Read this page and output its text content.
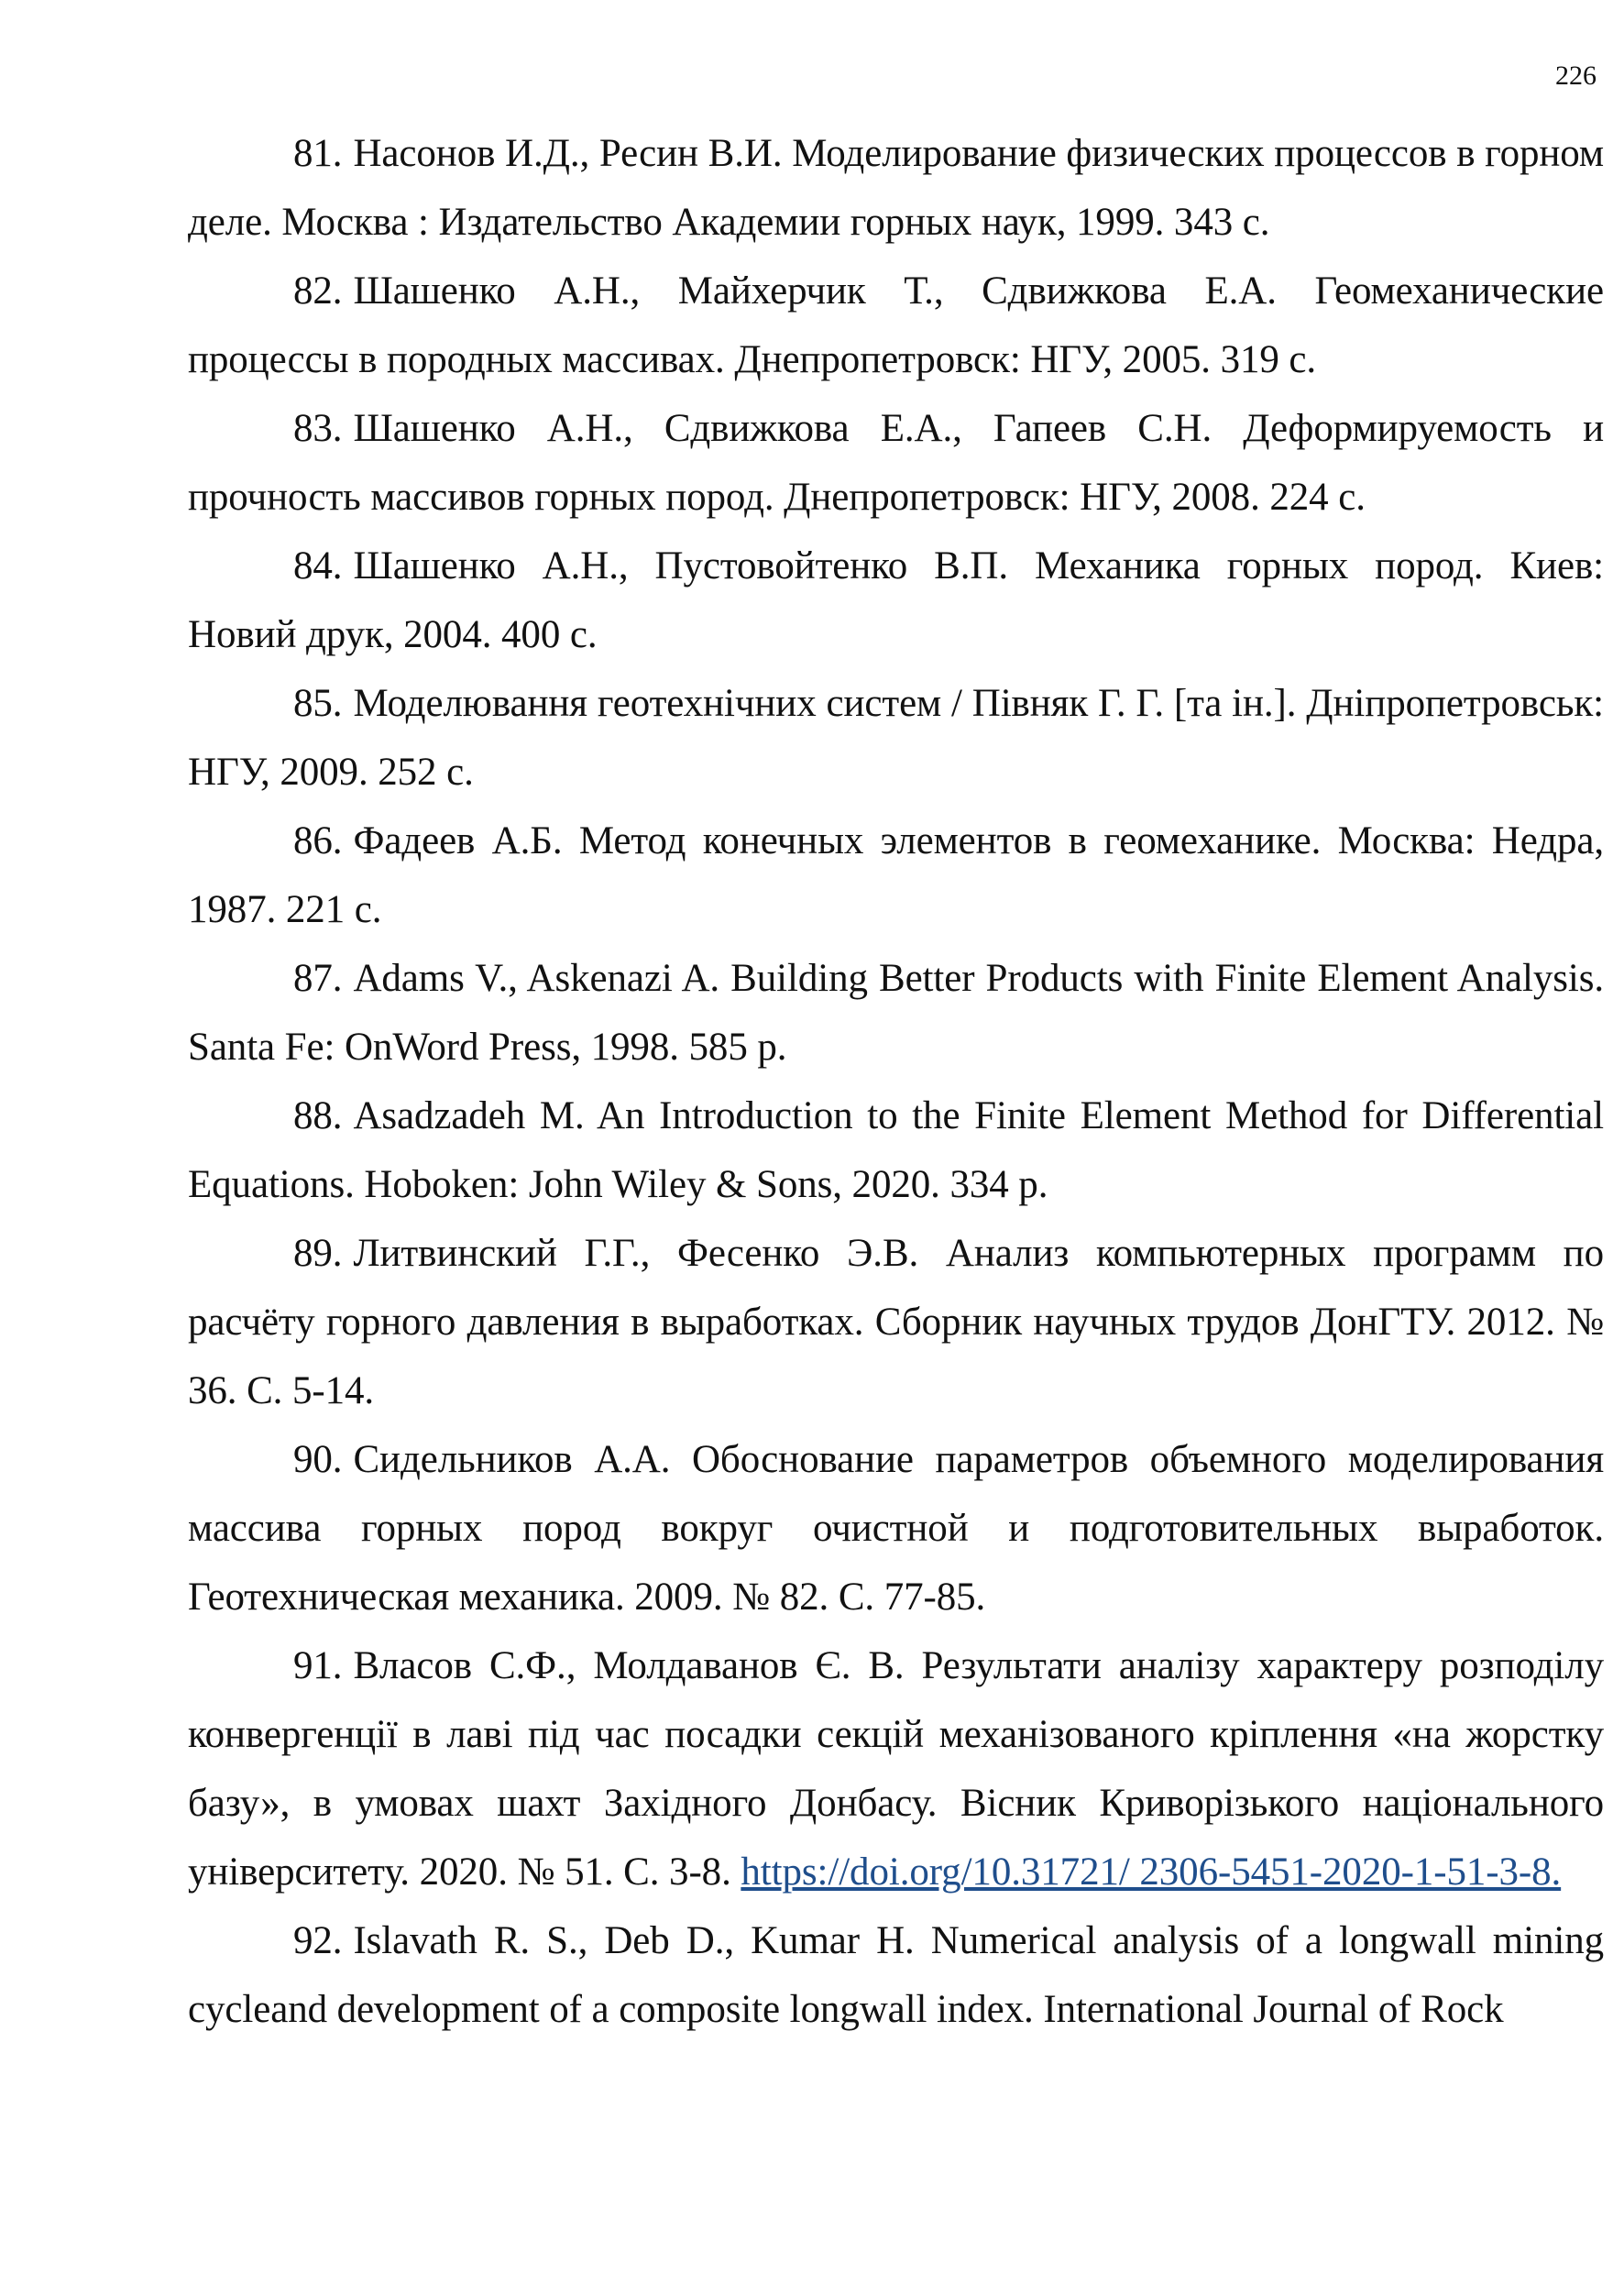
226

81. Насонов И.Д., Ресин В.И. Моделирование физических процессов в горном деле. Москва : Издательство Академии горных наук, 1999. 343 с.

82. Шашенко А.Н., Майхерчик Т., Сдвижкова Е.А. Геомеханические процессы в породных массивах. Днепропетровск: НГУ, 2005. 319 с.

83. Шашенко А.Н., Сдвижкова Е.А., Гапеев С.Н. Деформируемость и прочность массивов горных пород. Днепропетровск: НГУ, 2008. 224 с.

84. Шашенко А.Н., Пустовойтенко В.П. Механика горных пород. Киев: Новий друк, 2004. 400 с.

85. Моделювання геотехнічних систем / Півняк Г. Г. [та ін.]. Дніпропетровськ: НГУ, 2009. 252 с.

86. Фадеев А.Б. Метод конечных элементов в геомеханике. Москва: Недра, 1987. 221 с.

87. Adams V., Askenazi A. Building Better Products with Finite Element Analysis. Santa Fe: OnWord Press, 1998. 585 p.

88. Asadzadeh M. An Introduction to the Finite Element Method for Differential Equations. Hoboken: John Wiley & Sons, 2020. 334 p.

89. Литвинский Г.Г., Фесенко Э.В. Анализ компьютерных программ по расчёту горного давления в выработках. Сборник научных трудов ДонГТУ. 2012. № 36. С. 5-14.

90. Сидельников А.А. Обоснование параметров объемного моделирования массива горных пород вокруг очистной и подготовительных выработок. Геотехническая механика. 2009. № 82. С. 77-85.

91. Власов С.Ф., Молдаванов Є. В. Результати аналізу характеру розподілу конвергенції в лаві під час посадки секцій механізованого кріплення «на жорстку базу», в умовах шахт Західного Донбасу. Вісник Криворізького національного університету. 2020. № 51. С. 3-8. https://doi.org/10.31721/ 2306-5451-2020-1-51-3-8.

92. Islavath R. S., Deb D., Kumar H. Numerical analysis of a longwall mining cycleand development of a composite longwall index. International Journal of Rock
